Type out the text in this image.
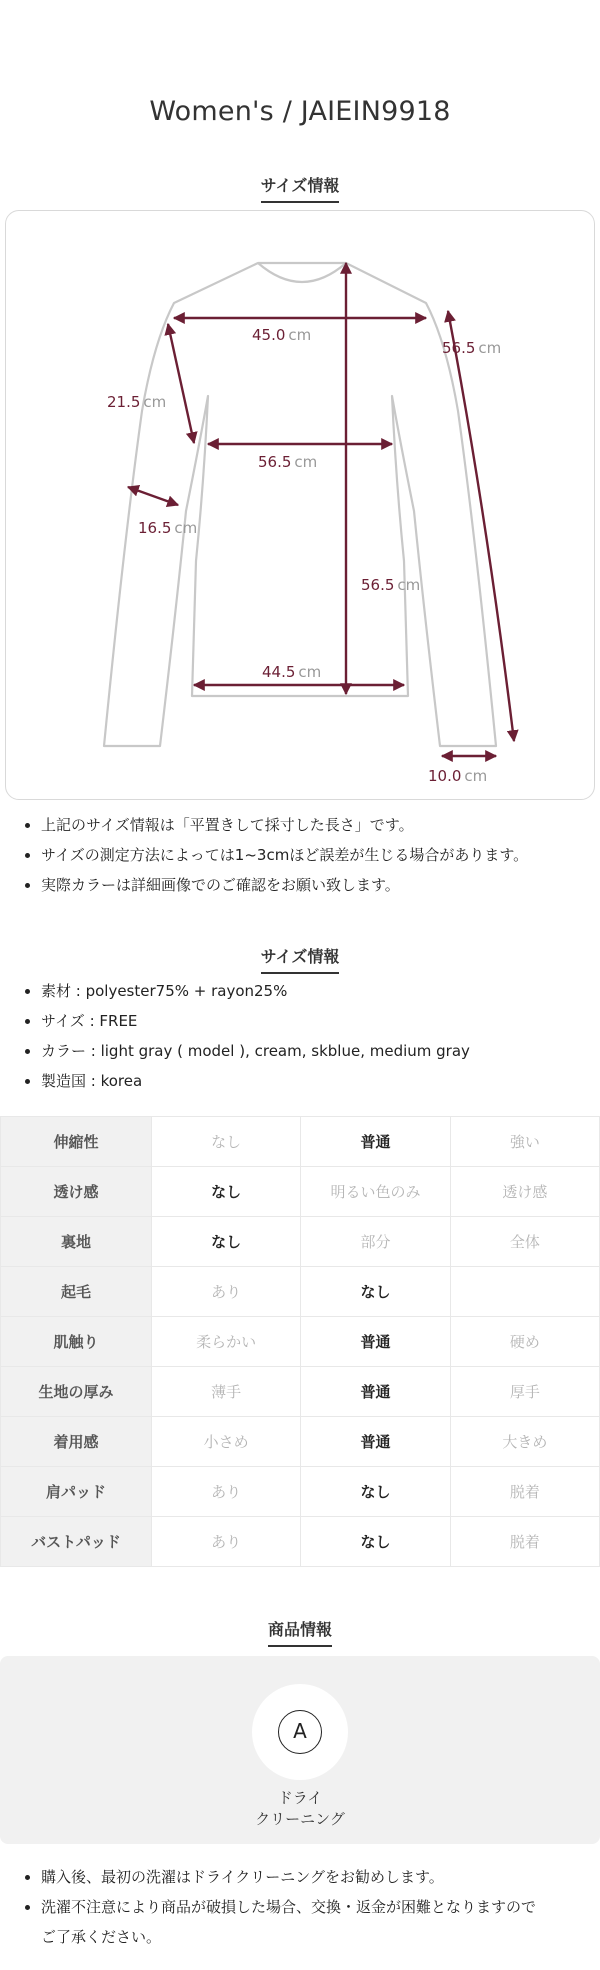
Women's / JAIEIN9918
サイズ情報
45.0 cm
56.5 cm
21.5 cm
56.5 cm
16.5 cm
56.5 cm
44.5 cm
10.0 cm
上記のサイズ情報は「平置きして採寸した長さ」です。
サイズの測定方法によっては1~3cmほど誤差が生じる場合があります。
実際カラーは詳細画像でのご確認をお願い致します。
サイズ情報
素材 : polyester75% + rayon25%
サイズ : FREE
カラー : light gray ( model ), cream, skblue, medium gray
製造国 : korea
伸縮性	なし	普通	強い
透け感	なし	明るい色のみ	透け感
裏地	なし	部分	全体
起毛	あり	なし	
肌触り	柔らかい	普通	硬め
生地の厚み	薄手	普通	厚手
着用感	小さめ	普通	大きめ
肩パッド	あり	なし	脱着
バストパッド	あり	なし	脱着
商品情報
A
ドライ
クリーニング
購入後、最初の洗濯はドライクリーニングをお勧めします。
洗濯不注意により商品が破損した場合、交換・返金が困難となりますので
ご了承ください。
